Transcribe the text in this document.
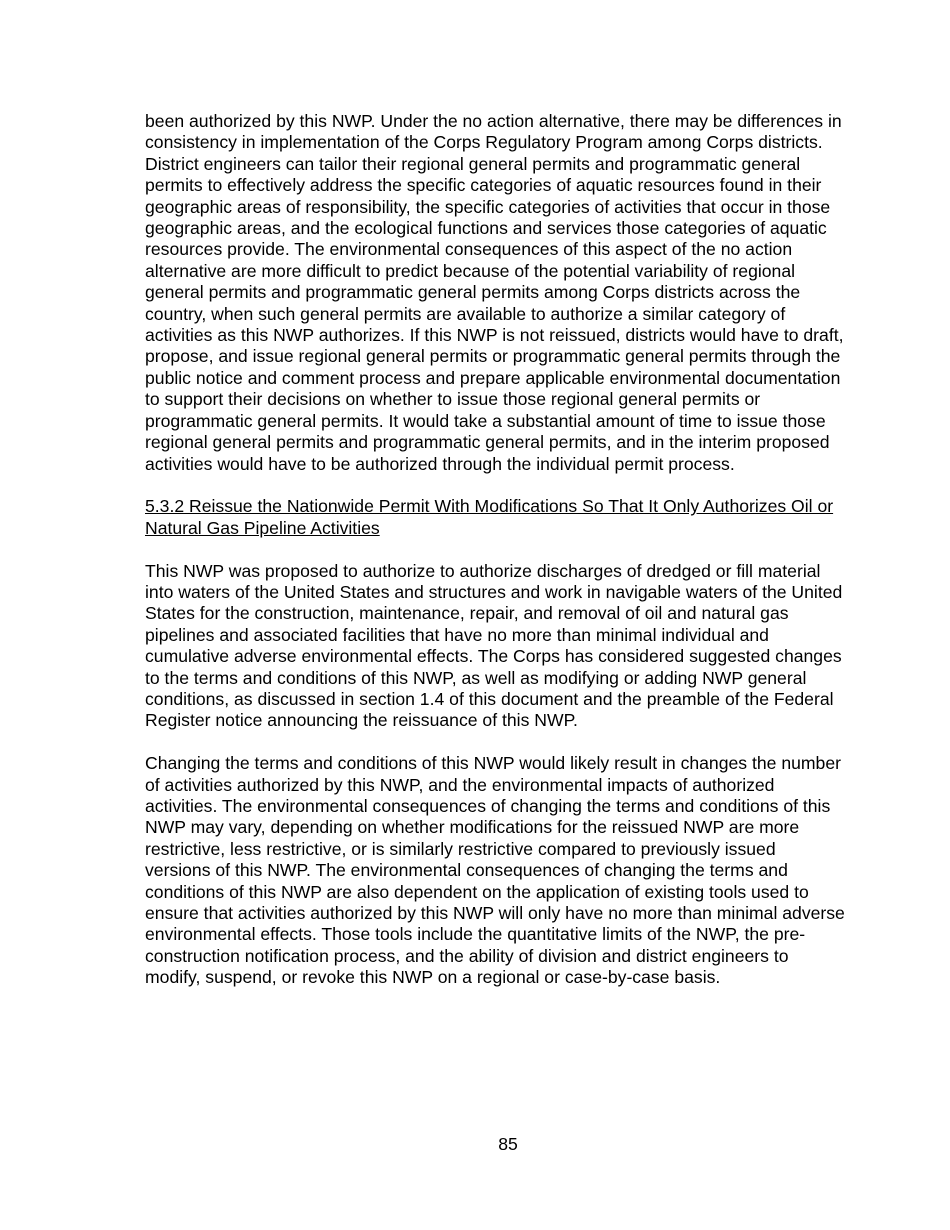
been authorized by this NWP. Under the no action alternative, there may be differences in consistency in implementation of the Corps Regulatory Program among Corps districts. District engineers can tailor their regional general permits and programmatic general permits to effectively address the specific categories of aquatic resources found in their geographic areas of responsibility, the specific categories of activities that occur in those geographic areas, and the ecological functions and services those categories of aquatic resources provide. The environmental consequences of this aspect of the no action alternative are more difficult to predict because of the potential variability of regional general permits and programmatic general permits among Corps districts across the country, when such general permits are available to authorize a similar category of activities as this NWP authorizes. If this NWP is not reissued, districts would have to draft, propose, and issue regional general permits or programmatic general permits through the public notice and comment process and prepare applicable environmental documentation to support their decisions on whether to issue those regional general permits or programmatic general permits. It would take a substantial amount of time to issue those regional general permits and programmatic general permits, and in the interim proposed activities would have to be authorized through the individual permit process.

5.3.2 Reissue the Nationwide Permit With Modifications So That It Only Authorizes Oil or Natural Gas Pipeline Activities

This NWP was proposed to authorize to authorize discharges of dredged or fill material into waters of the United States and structures and work in navigable waters of the United States for the construction, maintenance, repair, and removal of oil and natural gas pipelines and associated facilities that have no more than minimal individual and cumulative adverse environmental effects. The Corps has considered suggested changes to the terms and conditions of this NWP, as well as modifying or adding NWP general conditions, as discussed in section 1.4 of this document and the preamble of the Federal Register notice announcing the reissuance of this NWP.

Changing the terms and conditions of this NWP would likely result in changes the number of activities authorized by this NWP, and the environmental impacts of authorized activities. The environmental consequences of changing the terms and conditions of this NWP may vary, depending on whether modifications for the reissued NWP are more restrictive, less restrictive, or is similarly restrictive compared to previously issued versions of this NWP. The environmental consequences of changing the terms and conditions of this NWP are also dependent on the application of existing tools used to ensure that activities authorized by this NWP will only have no more than minimal adverse environmental effects. Those tools include the quantitative limits of the NWP, the pre-construction notification process, and the ability of division and district engineers to modify, suspend, or revoke this NWP on a regional or case-by-case basis.

85
